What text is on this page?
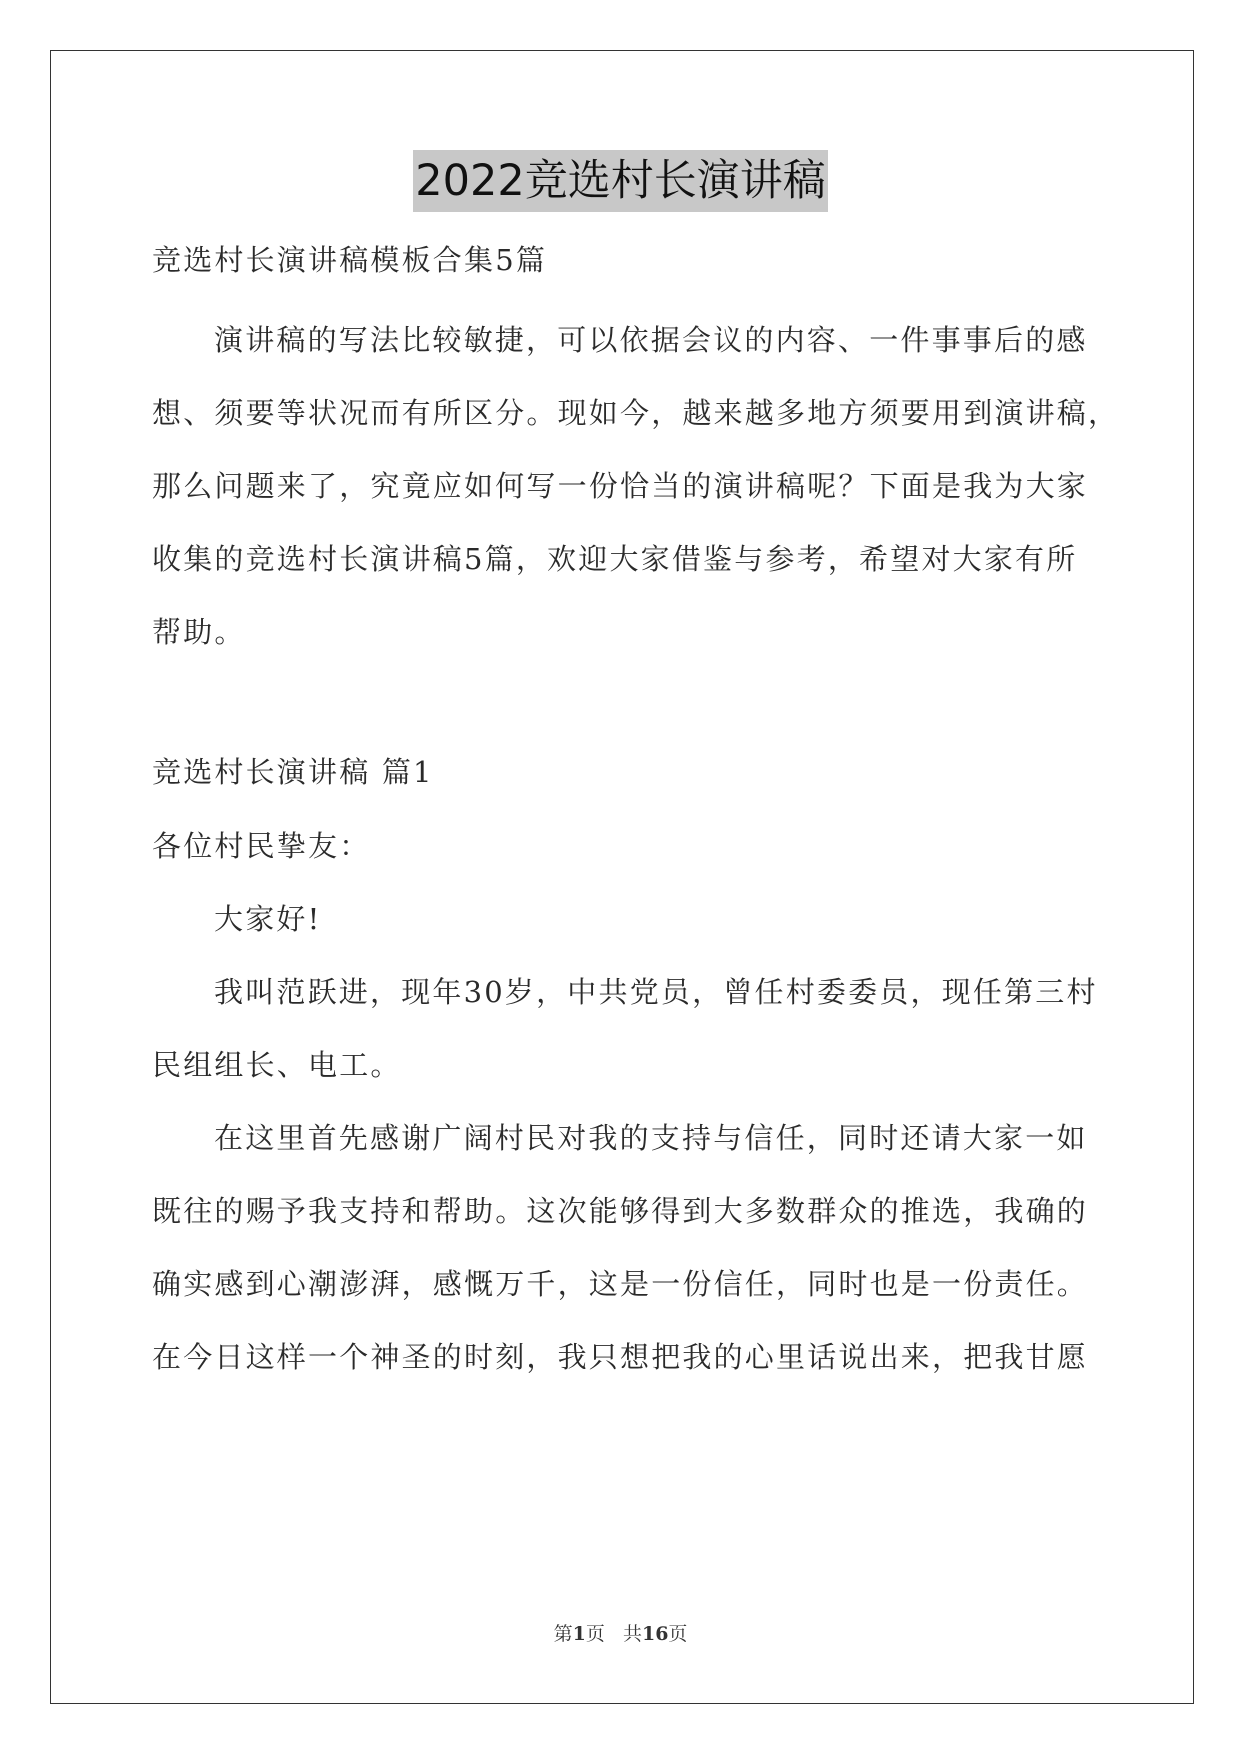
2022竞选村长演讲稿
竞选村长演讲稿模板合集5篇
演讲稿的写法比较敏捷，可以依据会议的内容、一件事事后的感
想、须要等状况而有所区分。现如今，越来越多地方须要用到演讲稿，
那么问题来了，究竟应如何写一份恰当的演讲稿呢？下面是我为大家
收集的竞选村长演讲稿5篇，欢迎大家借鉴与参考，希望对大家有所
帮助。
竞选村长演讲稿 篇1
各位村民挚友：
大家好!
我叫范跃进，现年30岁，中共党员，曾任村委委员，现任第三村
民组组长、电工。
在这里首先感谢广阔村民对我的支持与信任，同时还请大家一如
既往的赐予我支持和帮助。这次能够得到大多数群众的推选，我确的
确实感到心潮澎湃，感慨万千，这是一份信任，同时也是一份责任。
在今日这样一个神圣的时刻，我只想把我的心里话说出来，把我甘愿
第1页 共16页
